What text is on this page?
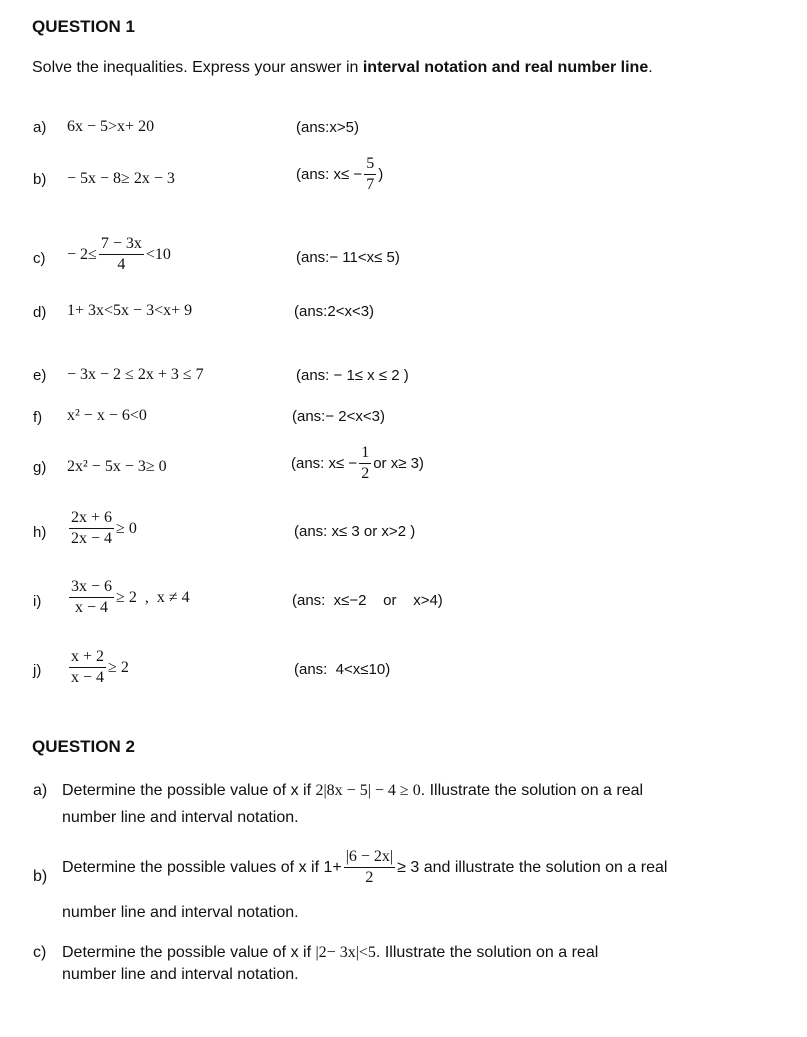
QUESTION 1
Solve the inequalities. Express your answer in interval notation and real number line.
a) 6x − 5>x+ 20	(ans:x>5)
b) − 5x − 8≥ 2x − 3	(ans: $x\le - \frac{5}{7}$ )
$c) - 2\le \frac{7 - 3x}{4} <10$	(ans:− 11<x≤ 5)
d) 1+ 3x<5x − 3<x+ 9	(ans:2<x<3)
e) − 3x − 2 ≤ 2x + 3 ≤ 7	(ans: − 1≤ x ≤ 2 )
f) x² − x − 6<0	(ans:− 2<x<3)
g) 2x² − 5x − 3≥ 0	(ans: $x\le - \frac{1}{2}$ or x≥ 3)
$h) \frac{2x + 6}{2x - 4} \ge 0$	(ans: x≤ 3 or x>2 )
$i) \frac{3x - 6}{x - 4} \ge 2$  ,  x ≠ 4	(ans:  x≤−2    or    x>4)
$j) \frac{x + 2}{x - 4} \ge 2$	(ans:  4<x≤10)
QUESTION 2
a) Determine the possible value of x if 2|8x − 5| − 4 ≥ 0. Illustrate the solution on a real
number line and interval notation.
b)
Determine the possible values of x if $1+ \frac{|6 - 2x|}{2} \ge 3$ and illustrate the solution on a real
number line and interval notation.
c) Determine the possible value of x if |2− 3x|<5. Illustrate the solution on a real
number line and interval notation.
